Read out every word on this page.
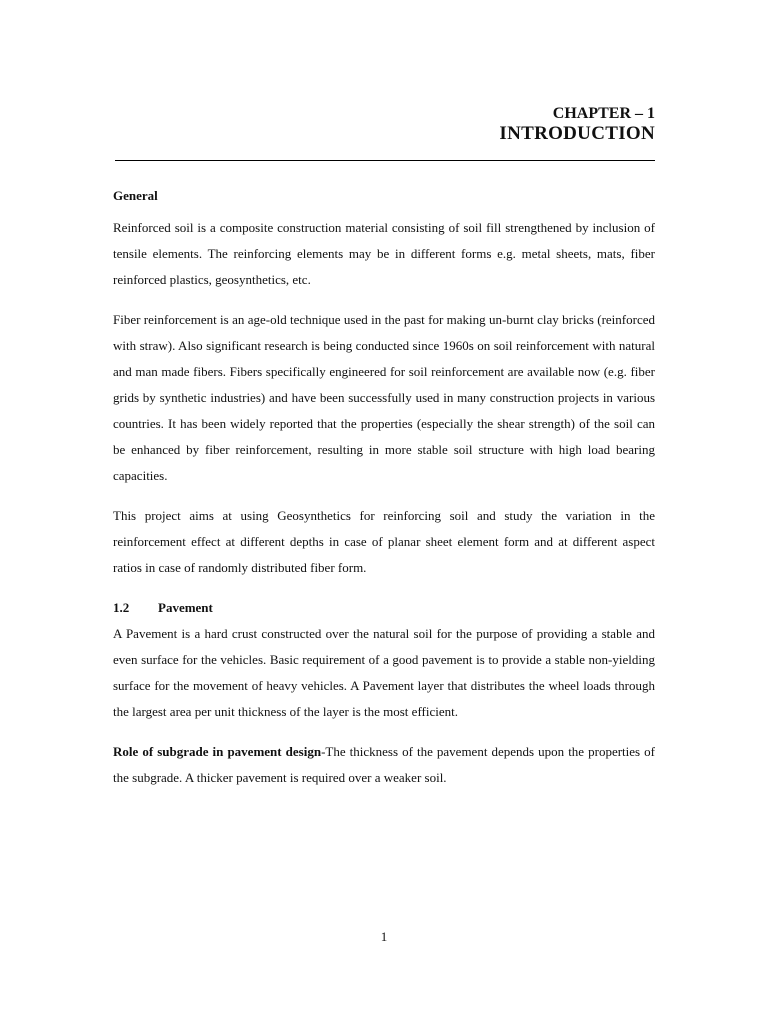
CHAPTER – 1
INTRODUCTION
General

Reinforced soil is a composite construction material consisting of soil fill strengthened by inclusion of tensile elements. The reinforcing elements may be in different forms e.g. metal sheets, mats, fiber reinforced plastics, geosynthetics, etc.

Fiber reinforcement is an age-old technique used in the past for making un-burnt clay bricks (reinforced with straw). Also significant research is being conducted since 1960s on soil reinforcement with natural and man made fibers. Fibers specifically engineered for soil reinforcement are available now (e.g. fiber grids by synthetic industries) and have been successfully used in many construction projects in various countries. It has been widely reported that the properties (especially the shear strength) of the soil can be enhanced by fiber reinforcement, resulting in more stable soil structure with high load bearing capacities.

This project aims at using Geosynthetics for reinforcing soil and study the variation in the reinforcement effect at different depths in case of planar sheet element form and at different aspect ratios in case of randomly distributed fiber form.

1.2	Pavement

A Pavement is a hard crust constructed over the natural soil for the purpose of providing a stable and even surface for the vehicles. Basic requirement of a good pavement is to provide a stable non-yielding surface for the movement of heavy vehicles. A Pavement layer that distributes the wheel loads through the largest area per unit thickness of the layer is the most efficient.

Role of subgrade in pavement design-The thickness of the pavement depends upon the properties of the subgrade. A thicker pavement is required over a weaker soil.

1
